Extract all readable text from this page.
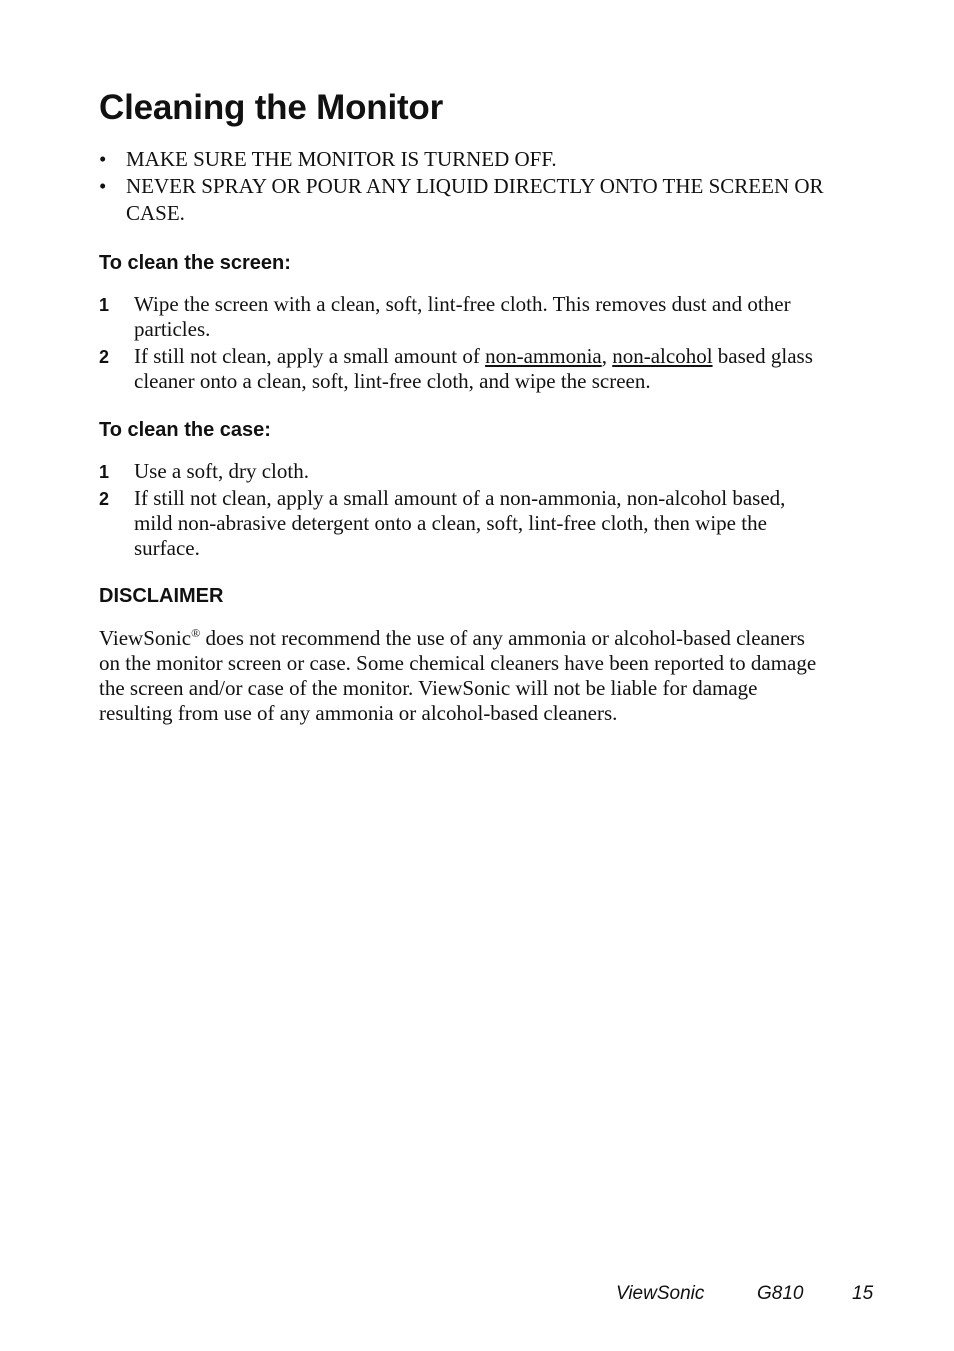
Cleaning the Monitor
• MAKE SURE THE MONITOR IS TURNED OFF.
• NEVER SPRAY OR POUR ANY LIQUID DIRECTLY ONTO THE SCREEN OR CASE.
To clean the screen:
1 Wipe the screen with a clean, soft, lint-free cloth. This removes dust and other particles.
2 If still not clean, apply a small amount of non-ammonia, non-alcohol based glass cleaner onto a clean, soft, lint-free cloth, and wipe the screen.
To clean the case:
1 Use a soft, dry cloth.
2 If still not clean, apply a small amount of a non-ammonia, non-alcohol based, mild non-abrasive detergent onto a clean, soft, lint-free cloth, then wipe the surface.
DISCLAIMER

ViewSonic® does not recommend the use of any ammonia or alcohol-based cleaners on the monitor screen or case. Some chemical cleaners have been reported to damage the screen and/or case of the monitor. ViewSonic will not be liable for damage resulting from use of any ammonia or alcohol-based cleaners.

ViewSonic	G810	15
